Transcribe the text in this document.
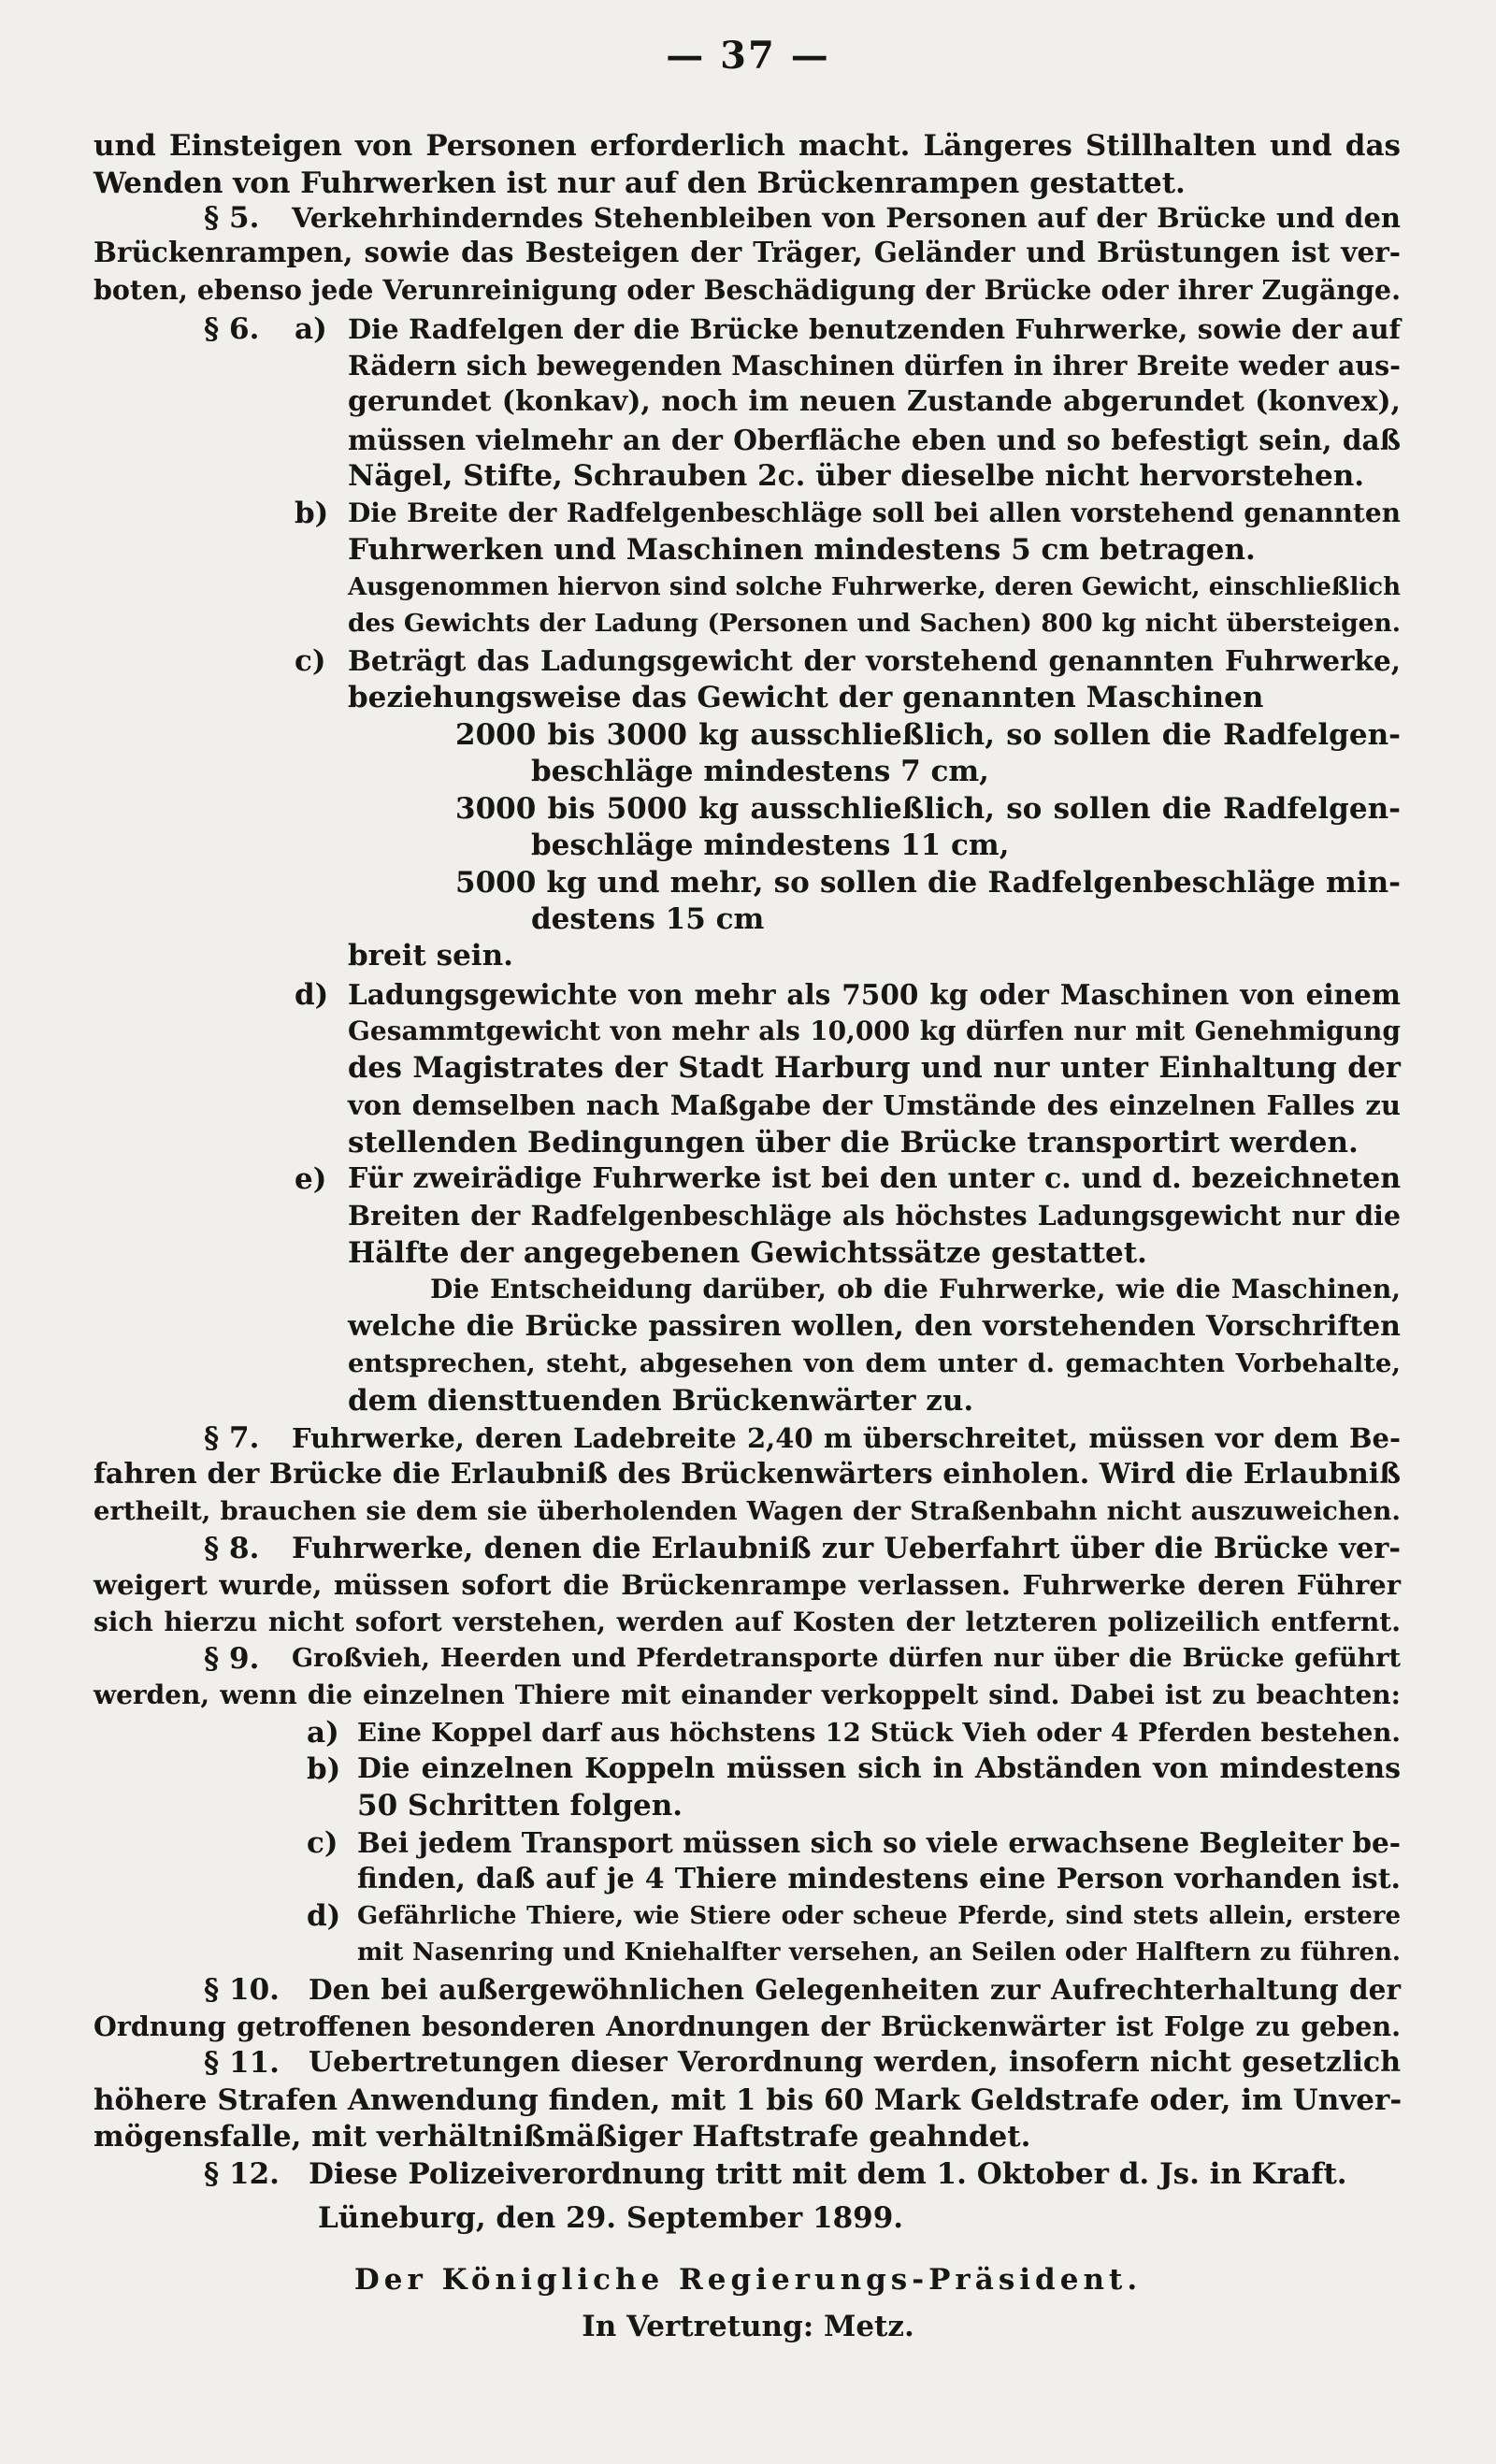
— 37 —
und Einsteigen von Personen erforderlich macht. Längeres Stillhalten und das
Wenden von Fuhrwerken ist nur auf den Brückenrampen gestattet.
§ 5. Verkehrhinderndes Stehenbleiben von Personen auf der Brücke und den
Brückenrampen, sowie das Besteigen der Träger, Geländer und Brüstungen ist ver-
boten, ebenso jede Verunreinigung oder Beschädigung der Brücke oder ihrer Zugänge.
§ 6. a) Die Radfelgen der die Brücke benutzenden Fuhrwerke, sowie der auf
Rädern sich bewegenden Maschinen dürfen in ihrer Breite weder aus-
gerundet (konkav), noch im neuen Zustande abgerundet (konvex),
müssen vielmehr an der Oberfläche eben und so befestigt sein, daß
Nägel, Stifte, Schrauben 2c. über dieselbe nicht hervorstehen.
b) Die Breite der Radfelgenbeschläge soll bei allen vorstehend genannten
Fuhrwerken und Maschinen mindestens 5 cm betragen.
Ausgenommen hiervon sind solche Fuhrwerke, deren Gewicht, einschließlich
des Gewichts der Ladung (Personen und Sachen) 800 kg nicht übersteigen.
c) Beträgt das Ladungsgewicht der vorstehend genannten Fuhrwerke,
beziehungsweise das Gewicht der genannten Maschinen
2000 bis 3000 kg ausschließlich, so sollen die Radfelgen-
beschläge mindestens 7 cm,
3000 bis 5000 kg ausschließlich, so sollen die Radfelgen-
beschläge mindestens 11 cm,
5000 kg und mehr, so sollen die Radfelgenbeschläge min-
destens 15 cm
breit sein.
d) Ladungsgewichte von mehr als 7500 kg oder Maschinen von einem
Gesammtgewicht von mehr als 10,000 kg dürfen nur mit Genehmigung
des Magistrates der Stadt Harburg und nur unter Einhaltung der
von demselben nach Maßgabe der Umstände des einzelnen Falles zu
stellenden Bedingungen über die Brücke transportirt werden.
e) Für zweirädige Fuhrwerke ist bei den unter c. und d. bezeichneten
Breiten der Radfelgenbeschläge als höchstes Ladungsgewicht nur die
Hälfte der angegebenen Gewichtssätze gestattet.
Die Entscheidung darüber, ob die Fuhrwerke, wie die Maschinen,
welche die Brücke passiren wollen, den vorstehenden Vorschriften
entsprechen, steht, abgesehen von dem unter d. gemachten Vorbehalte,
dem diensttuenden Brückenwärter zu.
§ 7. Fuhrwerke, deren Ladebreite 2,40 m überschreitet, müssen vor dem Be-
fahren der Brücke die Erlaubniß des Brückenwärters einholen. Wird die Erlaubniß
ertheilt, brauchen sie dem sie überholenden Wagen der Straßenbahn nicht auszuweichen.
§ 8. Fuhrwerke, denen die Erlaubniß zur Ueberfahrt über die Brücke ver-
weigert wurde, müssen sofort die Brückenrampe verlassen. Fuhrwerke deren Führer
sich hierzu nicht sofort verstehen, werden auf Kosten der letzteren polizeilich entfernt.
§ 9. Großvieh, Heerden und Pferdetransporte dürfen nur über die Brücke geführt
werden, wenn die einzelnen Thiere mit einander verkoppelt sind. Dabei ist zu beachten:
a) Eine Koppel darf aus höchstens 12 Stück Vieh oder 4 Pferden bestehen.
b) Die einzelnen Koppeln müssen sich in Abständen von mindestens
50 Schritten folgen.
c) Bei jedem Transport müssen sich so viele erwachsene Begleiter be-
finden, daß auf je 4 Thiere mindestens eine Person vorhanden ist.
d) Gefährliche Thiere, wie Stiere oder scheue Pferde, sind stets allein, erstere
mit Nasenring und Kniehalfter versehen, an Seilen oder Halftern zu führen.
§ 10. Den bei außergewöhnlichen Gelegenheiten zur Aufrechterhaltung der
Ordnung getroffenen besonderen Anordnungen der Brückenwärter ist Folge zu geben.
§ 11. Uebertretungen dieser Verordnung werden, insofern nicht gesetzlich
höhere Strafen Anwendung finden, mit 1 bis 60 Mark Geldstrafe oder, im Unver-
mögensfalle, mit verhältnißmäßiger Haftstrafe geahndet.
§ 12. Diese Polizeiverordnung tritt mit dem 1. Oktober d. Js. in Kraft.
Lüneburg, den 29. September 1899.
Der Königliche Regierungs-Präsident.
In Vertretung: Metz.
